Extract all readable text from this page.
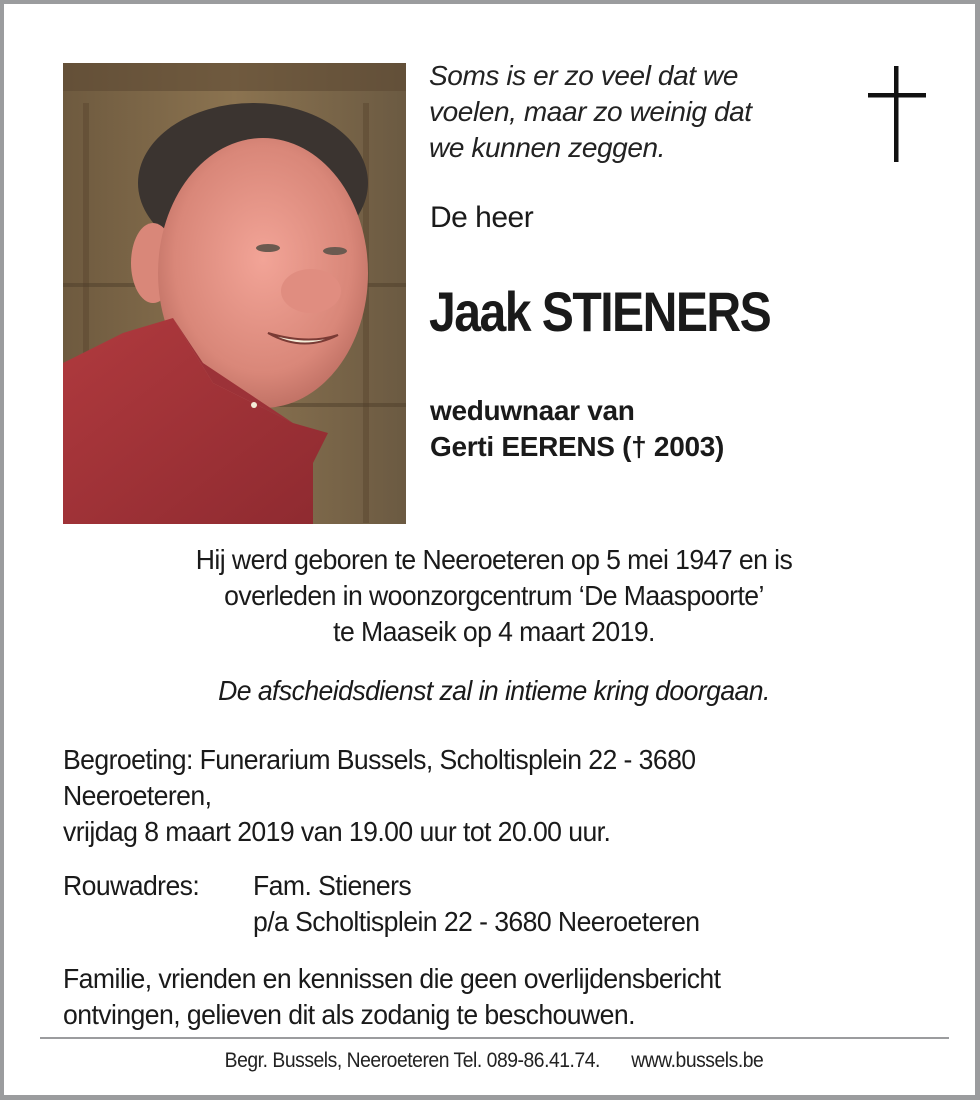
Soms is er zo veel dat we
voelen, maar zo weinig dat
we kunnen zeggen.

De heer

Jaak STIENERS

weduwnaar van
Gerti EERENS († 2003)

Hij werd geboren te Neeroeteren op 5 mei 1947 en is
overleden in woonzorgcentrum ‘De Maaspoorte’
te Maaseik op 4 maart 2019.

De afscheidsdienst zal in intieme kring doorgaan.

Begroeting: Funerarium Bussels, Scholtisplein 22 - 3680
Neeroeteren,
vrijdag 8 maart 2019 van 19.00 uur tot 20.00 uur.

Rouwadres:	Fam. Stieners
p/a Scholtisplein 22 - 3680 Neeroeteren

Familie, vrienden en kennissen die geen overlijdensbericht
ontvingen, gelieven dit als zodanig te beschouwen.

Begr. Bussels, Neeroeteren Tel. 089-86.41.74. www.bussels.be
